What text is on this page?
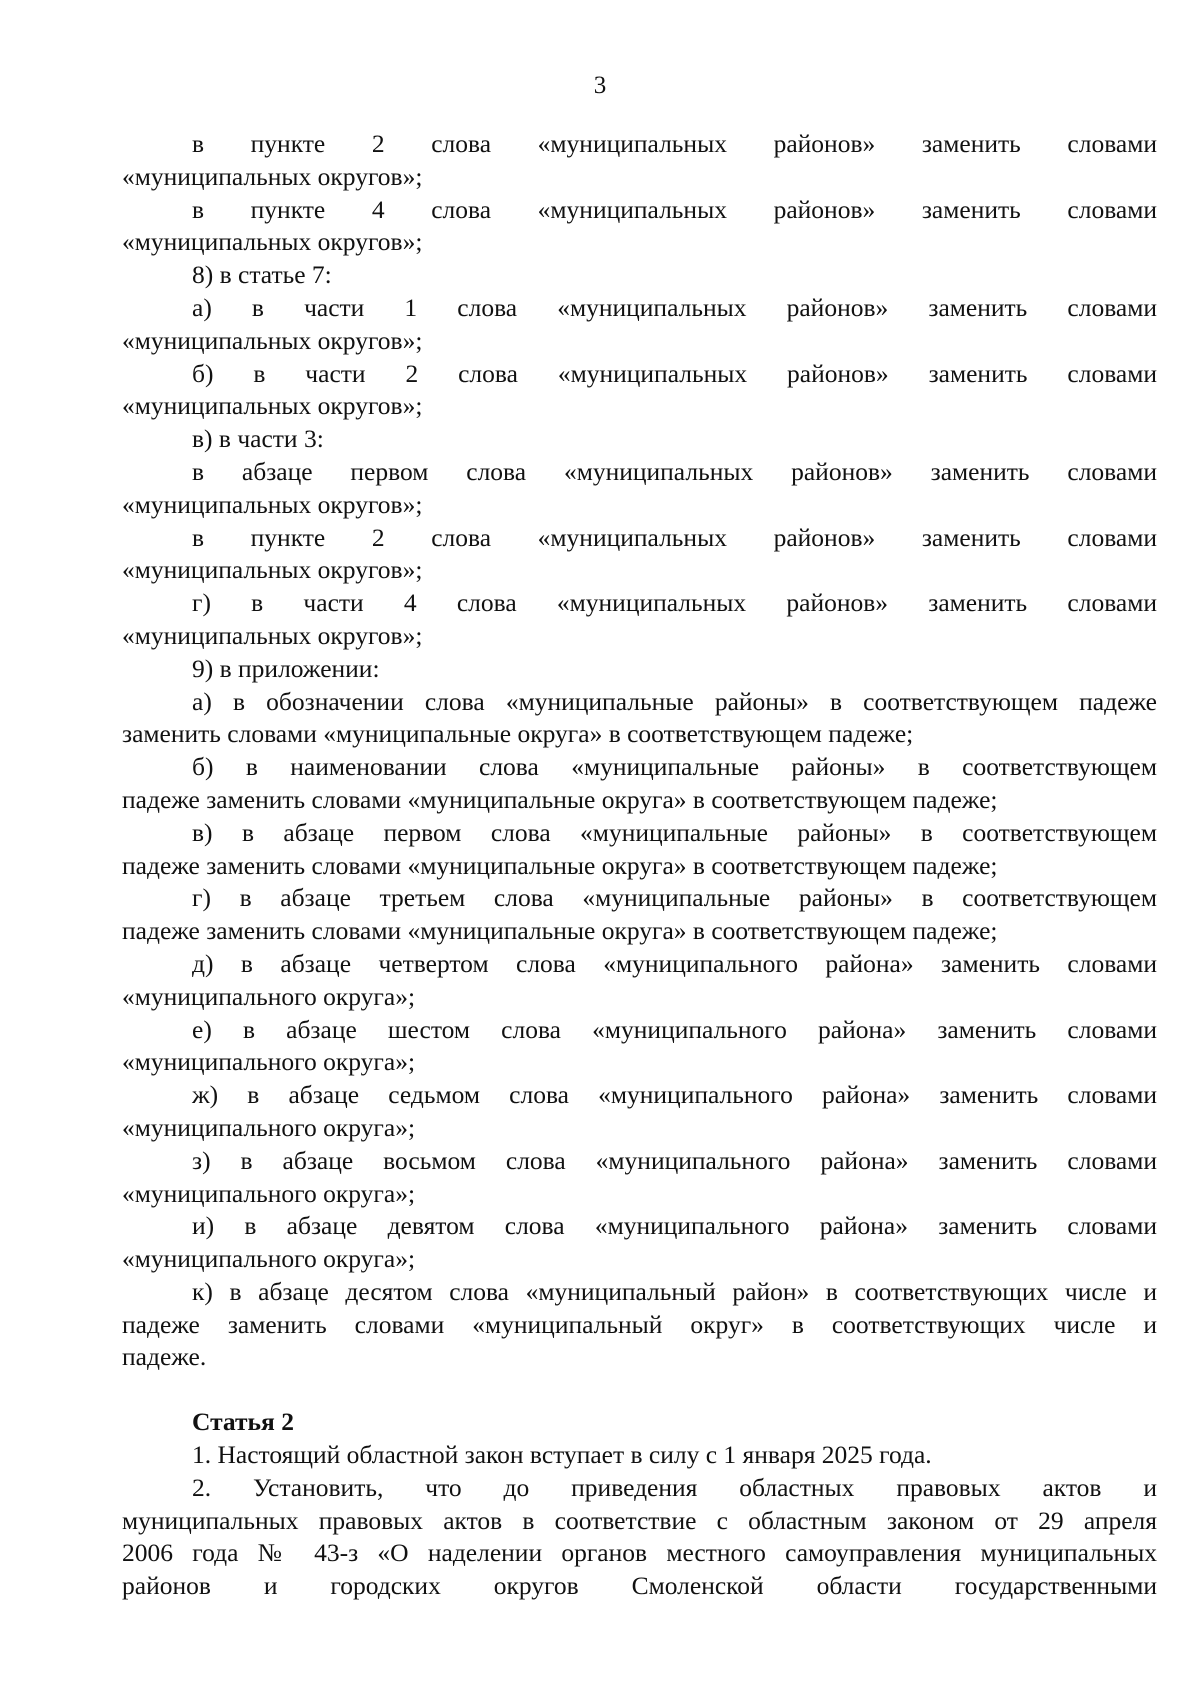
3

в пункте 2 слова «муниципальных районов» заменить словами
«муниципальных округов»;

в пункте 4 слова «муниципальных районов» заменить словами
«муниципальных округов»;

8) в статье 7:

а) в части 1 слова «муниципальных районов» заменить словами
«муниципальных округов»;

б) в части 2 слова «муниципальных районов» заменить словами
«муниципальных округов»;

в) в части 3:

в абзаце первом слова «муниципальных районов» заменить словами
«муниципальных округов»;

в пункте 2 слова «муниципальных районов» заменить словами
«муниципальных округов»;

г) в части 4 слова «муниципальных районов» заменить словами
«муниципальных округов»;

9) в приложении:

а) в обозначении слова «муниципальные районы» в соответствующем падеже
заменить словами «муниципальные округа» в соответствующем падеже;

б) в наименовании слова «муниципальные районы» в соответствующем
падеже заменить словами «муниципальные округа» в соответствующем падеже;

в) в абзаце первом слова «муниципальные районы» в соответствующем
падеже заменить словами «муниципальные округа» в соответствующем падеже;

г) в абзаце третьем слова «муниципальные районы» в соответствующем
падеже заменить словами «муниципальные округа» в соответствующем падеже;

д) в абзаце четвертом слова «муниципального района» заменить словами
«муниципального округа»;

е) в абзаце шестом слова «муниципального района» заменить словами
«муниципального округа»;

ж) в абзаце седьмом слова «муниципального района» заменить словами
«муниципального округа»;

з) в абзаце восьмом слова «муниципального района» заменить словами
«муниципального округа»;

и) в абзаце девятом слова «муниципального района» заменить словами
«муниципального округа»;

к) в абзаце десятом слова «муниципальный район» в соответствующих числе и
падеже заменить словами «муниципальный округ» в соответствующих числе и
падеже.

Статья 2

1. Настоящий областной закон вступает в силу с 1 января 2025 года.

2. Установить, что до приведения областных правовых актов и
муниципальных правовых актов в соответствие с областным законом от 29 апреля
2006 года № 43-з «О наделении органов местного самоуправления муниципальных
районов и городских округов Смоленской области государственными
